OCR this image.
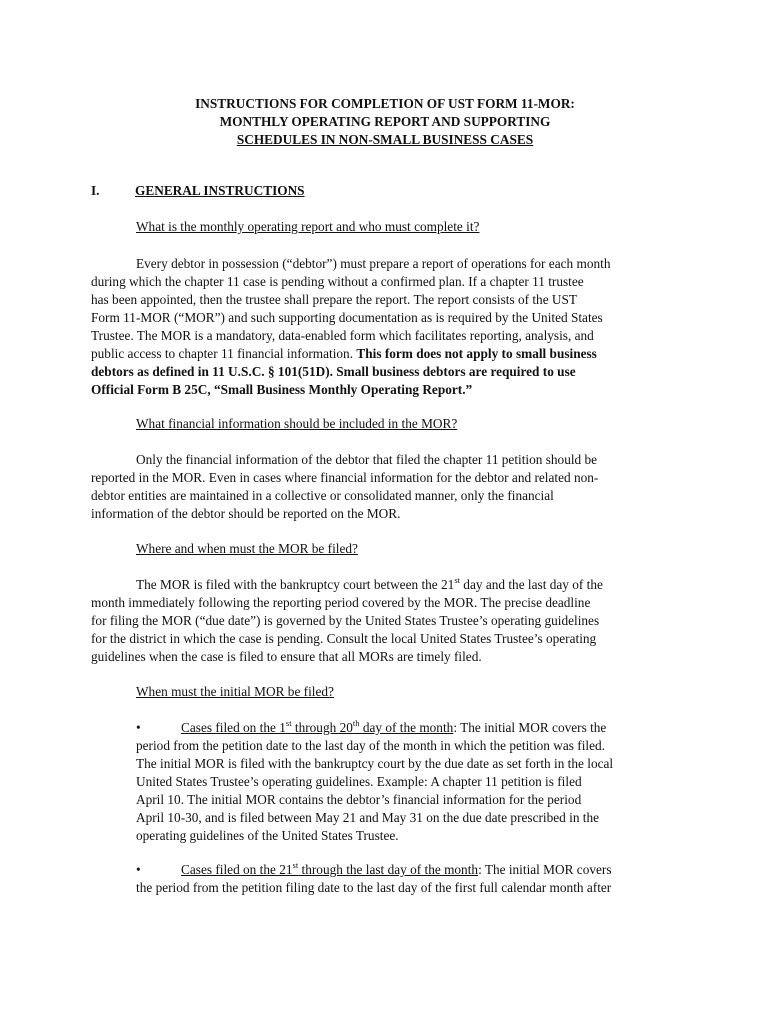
INSTRUCTIONS FOR COMPLETION OF UST FORM 11-MOR:
MONTHLY OPERATING REPORT AND SUPPORTING
SCHEDULES IN NON-SMALL BUSINESS CASES
I.	GENERAL INSTRUCTIONS
What is the monthly operating report and who must complete it?
Every debtor in possession (“debtor”) must prepare a report of operations for each month
during which the chapter 11 case is pending without a confirmed plan. If a chapter 11 trustee
has been appointed, then the trustee shall prepare the report. The report consists of the UST
Form 11-MOR (“MOR”) and such supporting documentation as is required by the United States
Trustee. The MOR is a mandatory, data-enabled form which facilitates reporting, analysis, and
public access to chapter 11 financial information. This form does not apply to small business
debtors as defined in 11 U.S.C. § 101(51D). Small business debtors are required to use
Official Form B 25C, “Small Business Monthly Operating Report.”
What financial information should be included in the MOR?
Only the financial information of the debtor that filed the chapter 11 petition should be
reported in the MOR. Even in cases where financial information for the debtor and related non-
debtor entities are maintained in a collective or consolidated manner, only the financial
information of the debtor should be reported on the MOR.
Where and when must the MOR be filed?
The MOR is filed with the bankruptcy court between the 21st day and the last day of the
month immediately following the reporting period covered by the MOR. The precise deadline
for filing the MOR (“due date”) is governed by the United States Trustee’s operating guidelines
for the district in which the case is pending. Consult the local United States Trustee’s operating
guidelines when the case is filed to ensure that all MORs are timely filed.
When must the initial MOR be filed?
•	Cases filed on the 1st through 20th day of the month: The initial MOR covers the
period from the petition date to the last day of the month in which the petition was filed.
The initial MOR is filed with the bankruptcy court by the due date as set forth in the local
United States Trustee’s operating guidelines. Example: A chapter 11 petition is filed
April 10. The initial MOR contains the debtor’s financial information for the period
April 10-30, and is filed between May 21 and May 31 on the due date prescribed in the
operating guidelines of the United States Trustee.
•	Cases filed on the 21st through the last day of the month: The initial MOR covers
the period from the petition filing date to the last day of the first full calendar month after
